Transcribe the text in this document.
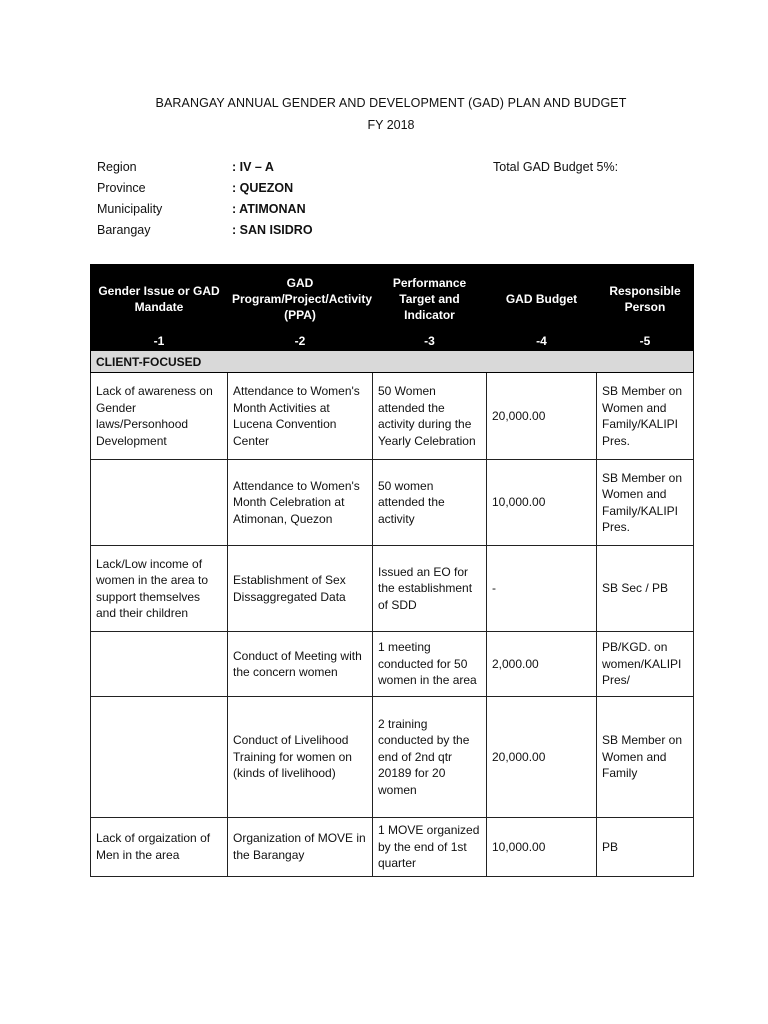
BARANGAY ANNUAL GENDER AND DEVELOPMENT (GAD) PLAN AND BUDGET
FY 2018
Region	: IV – A
Province	: QUEZON
Municipality	: ATIMONAN
Barangay	: SAN ISIDRO
Total GAD Budget 5%:
Gender Issue or GAD Mandate	GAD Program/Project/Activity (PPA)	Performance Target and Indicator	GAD Budget	Responsible Person
-1	-2	-3	-4	-5
CLIENT-FOCUSED				
Lack of awareness on Gender laws/Personhood Development	Attendance to Women's Month Activities at Lucena Convention Center	50 Women attended the activity during the Yearly Celebration	20,000.00	SB Member on Women and Family/KALIPI Pres.
	Attendance to Women's Month Celebration at Atimonan, Quezon	50 women attended the activity	10,000.00	SB Member on Women and Family/KALIPI Pres.
Lack/Low income of women in the area to support themselves and their children	Establishment of Sex Dissaggregated Data	Issued an EO for the establishment of SDD	-	SB Sec / PB
	Conduct of Meeting with the concern women	1 meeting conducted for 50 women in the area	2,000.00	PB/KGD. on women/KALIPI Pres/
	Conduct of Livelihood Training for women on (kinds of livelihood)	2 training conducted by the end of 2nd qtr 20189 for 20 women	20,000.00	SB Member on Women and Family
Lack of orgaization of Men in the area	Organization of MOVE in the Barangay	1 MOVE organized by the end of 1st quarter	10,000.00	PB
